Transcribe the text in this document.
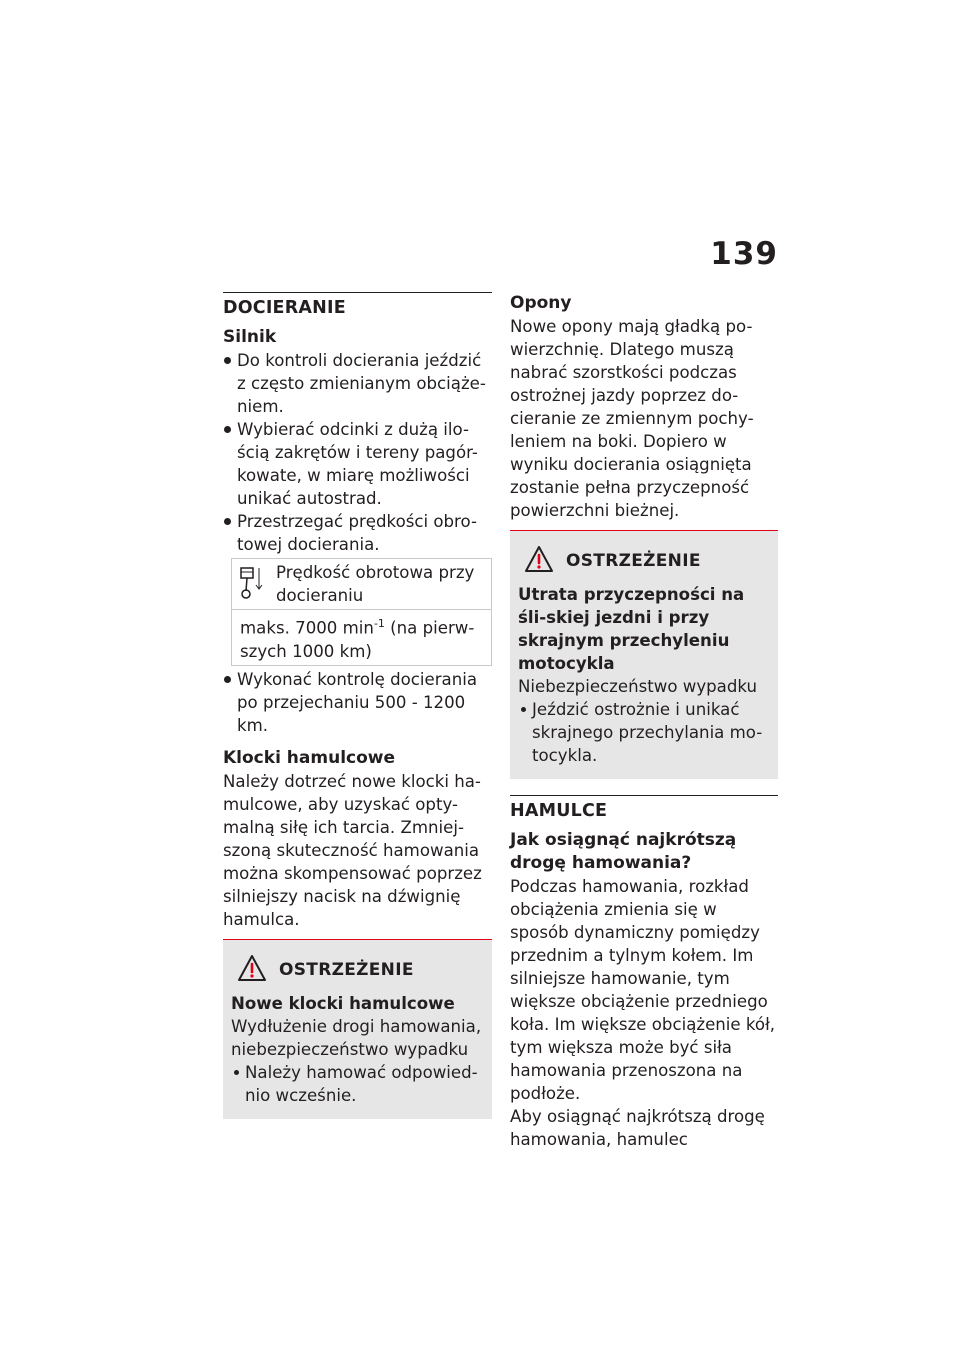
139
DOCIERANIE
Silnik
Do kontroli docierania jeździć z często zmienianym obciąże-niem.
Wybierać odcinki z dużą ilo-ścią zakrętów i tereny pagór-kowate, w miarę możliwości unikać autostrad.
Przestrzegać prędkości obro-towej docierania.
Prędkość obrotowa przy docieraniu
maks. 7000 $\min^{-1} (na$ pierw-szych 1000 km)
Wykonać kontrolę docierania po przejechaniu 500 - 1200 km.
Klocki hamulcowe
Należy dotrzeć nowe klocki ha-mulcowe, aby uzyskać opty-malną siłę ich tarcia. Zmniej-szoną skuteczność hamowania można skompensować poprzez silniejszy nacisk na dźwignię hamulca.
OSTRZEŻENIE
Nowe klocki hamulcowe
Wydłużenie drogi hamowania, niebezpieczeństwo wypadku
Należy hamować odpowied-nio wcześnie.
Opony
Nowe opony mają gładką po-wierzchnię. Dlatego muszą nabrać szorstkości podczas ostrożnej jazdy poprzez do-cieranie ze zmiennym pochy-leniem na boki. Dopiero w wyniku docierania osiągnięta zostanie pełna przyczepność powierzchni bieżnej.
OSTRZEŻENIE
Utrata przyczepności na śli-skiej jezdni i przy skrajnym przechyleniu motocykla
Niebezpieczeństwo wypadku
Jeździć ostrożnie i unikać skrajnego przechylania mo-tocykla.
HAMULCE
Jak osiągnąć najkrótszą drogę hamowania?
Podczas hamowania, rozkład obciążenia zmienia się w sposób dynamiczny pomiędzy przednim a tylnym kołem. Im silniejsze hamowanie, tym większe obciążenie przedniego koła. Im większe obciążenie kół, tym większa może być siła hamowania przenoszona na podłoże.
Aby osiągnąć najkrótszą drogę hamowania, hamulec
